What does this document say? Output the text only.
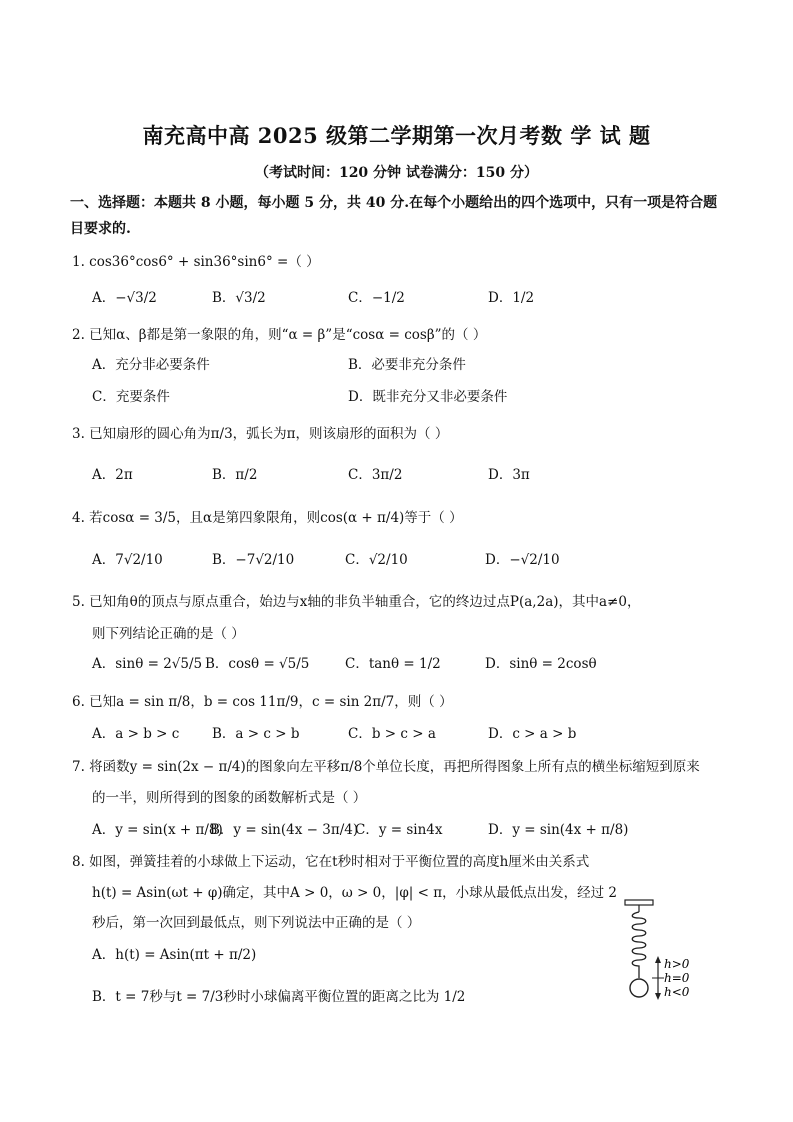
南充高中高 2025 级第二学期第一次月考数 学 试 题
（考试时间：120 分钟 试卷满分：150 分）
一、选择题：本题共 8 小题，每小题 5 分，共 40 分.在每个小题给出的四个选项中，只有一项是符合题目要求的.
1. cos36°cos6° + sin36°sin6° =（ ）
A．−√3/2	B．√3/2	C．−1/2	D．1/2
2. 已知α、β都是第一象限的角，则“α = β”是“cosα = cosβ”的（ ）
A．充分非必要条件	B．必要非充分条件
C．充要条件	D．既非充分又非必要条件
3. 已知扇形的圆心角为π/3，弧长为π，则该扇形的面积为（ ）
A．2π	B．π/2	C．3π/2	D．3π
4. 若cosα = 3/5，且α是第四象限角，则cos(α + π/4)等于（ ）
A．7√2/10	B．−7√2/10	C．√2/10	D．−√2/10
5. 已知角θ的顶点与原点重合，始边与x轴的非负半轴重合，它的终边过点P(a,2a)，其中a≠0，
则下列结论正确的是（ ）
A．sinθ = 2√5/5 B．cosθ = √5/5	C．tanθ = 1/2	D．sinθ = 2cosθ
6. 已知a = sin π/8，b = cos 11π/9，c = sin 2π/7，则（ ）
A．a > b > c B．a > c > b	C．b > c > a	D．c > a > b
7. 将函数y = sin(2x − π/4)的图象向左平移π/8个单位长度，再把所得图象上所有点的横坐标缩短到原来
的一半，则所得到的图象的函数解析式是（ ）
A．y = sin(x + π/8)
B．y = sin(4x − 3π/4)
C．y = sin4x	D．y = sin(4x + π/8)
8. 如图，弹簧挂着的小球做上下运动，它在t秒时相对于平衡位置的高度h厘米由关系式
h(t) = Asin(ωt + φ)确定，其中A > 0，ω > 0，|φ| < π，小球从最低点出发，经过 2
秒后，第一次回到最低点，则下列说法中正确的是（ ）
A．h(t) = Asin(πt + π/2)
B．t = 7秒与t = 7/3秒时小球偏离平衡位置的距离之比为 1/2
h>0
h=0
h<0
